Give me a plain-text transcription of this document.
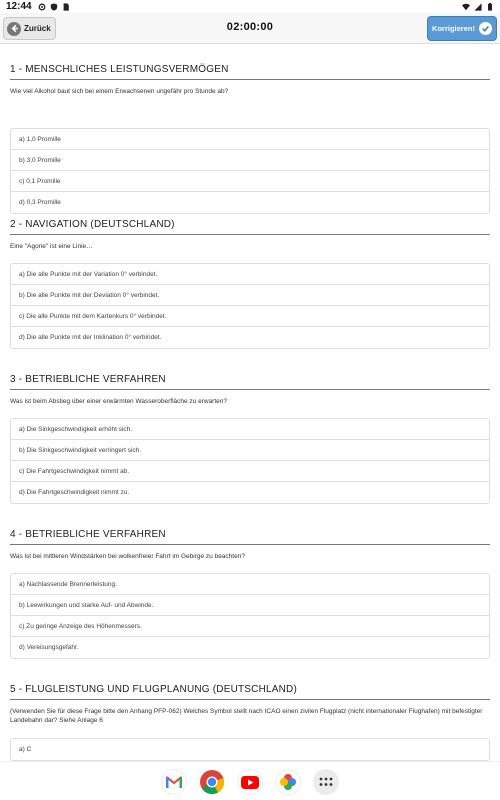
12:44
Zurück	02:00:00	Korrigieren!
1 - MENSCHLICHES LEISTUNGSVERMÖGEN
Wie viel Alkohol baut sich bei einem Erwachsenen ungefähr pro Stunde ab?
a) 1,0 Promille
b) 3,0 Promille
c) 0,1 Promille
d) 0,3 Promille
2 - NAVIGATION (DEUTSCHLAND)
Eine "Agone" ist eine Linie…
a) Die alle Punkte mit der Variation 0° verbindet.
b) Die alle Punkte mit der Deviation 0° verbindet.
c) Die alle Punkte mit dem Kartenkurs 0° verbindet.
d) Die alle Punkte mit der Inklination 0° verbindet.
3 - BETRIEBLICHE VERFAHREN
Was ist beim Abstieg über einer erwärmten Wasseroberfläche zu erwarten?
a) Die Sinkgeschwindigkeit erhöht sich.
b) Die Sinkgeschwindigkeit verringert sich.
c) Die Fahrtgeschwindigkeit nimmt ab.
d) Die Fahrtgeschwindigkeit nimmt zu.
4 - BETRIEBLICHE VERFAHREN
Was ist bei mittleren Windstärken bei wolkenfreier Fahrt im Gebirge zu beachten?
a) Nachlassende Brennerleistung.
b) Leewirkungen und starke Auf- und Abwinde.
c) Zu geringe Anzeige des Höhenmessers.
d) Vereisungsgefahr.
5 - FLUGLEISTUNG UND FLUGPLANUNG (DEUTSCHLAND)
(Verwenden Sie für diese Frage bitte den Anhang PFP-062) Welches Symbol stellt nach ICAO einen zivilen Flugplatz (nicht internationaler Flughafen) mit befestigter Landebahn dar? Siehe Anlage 6
a) C
